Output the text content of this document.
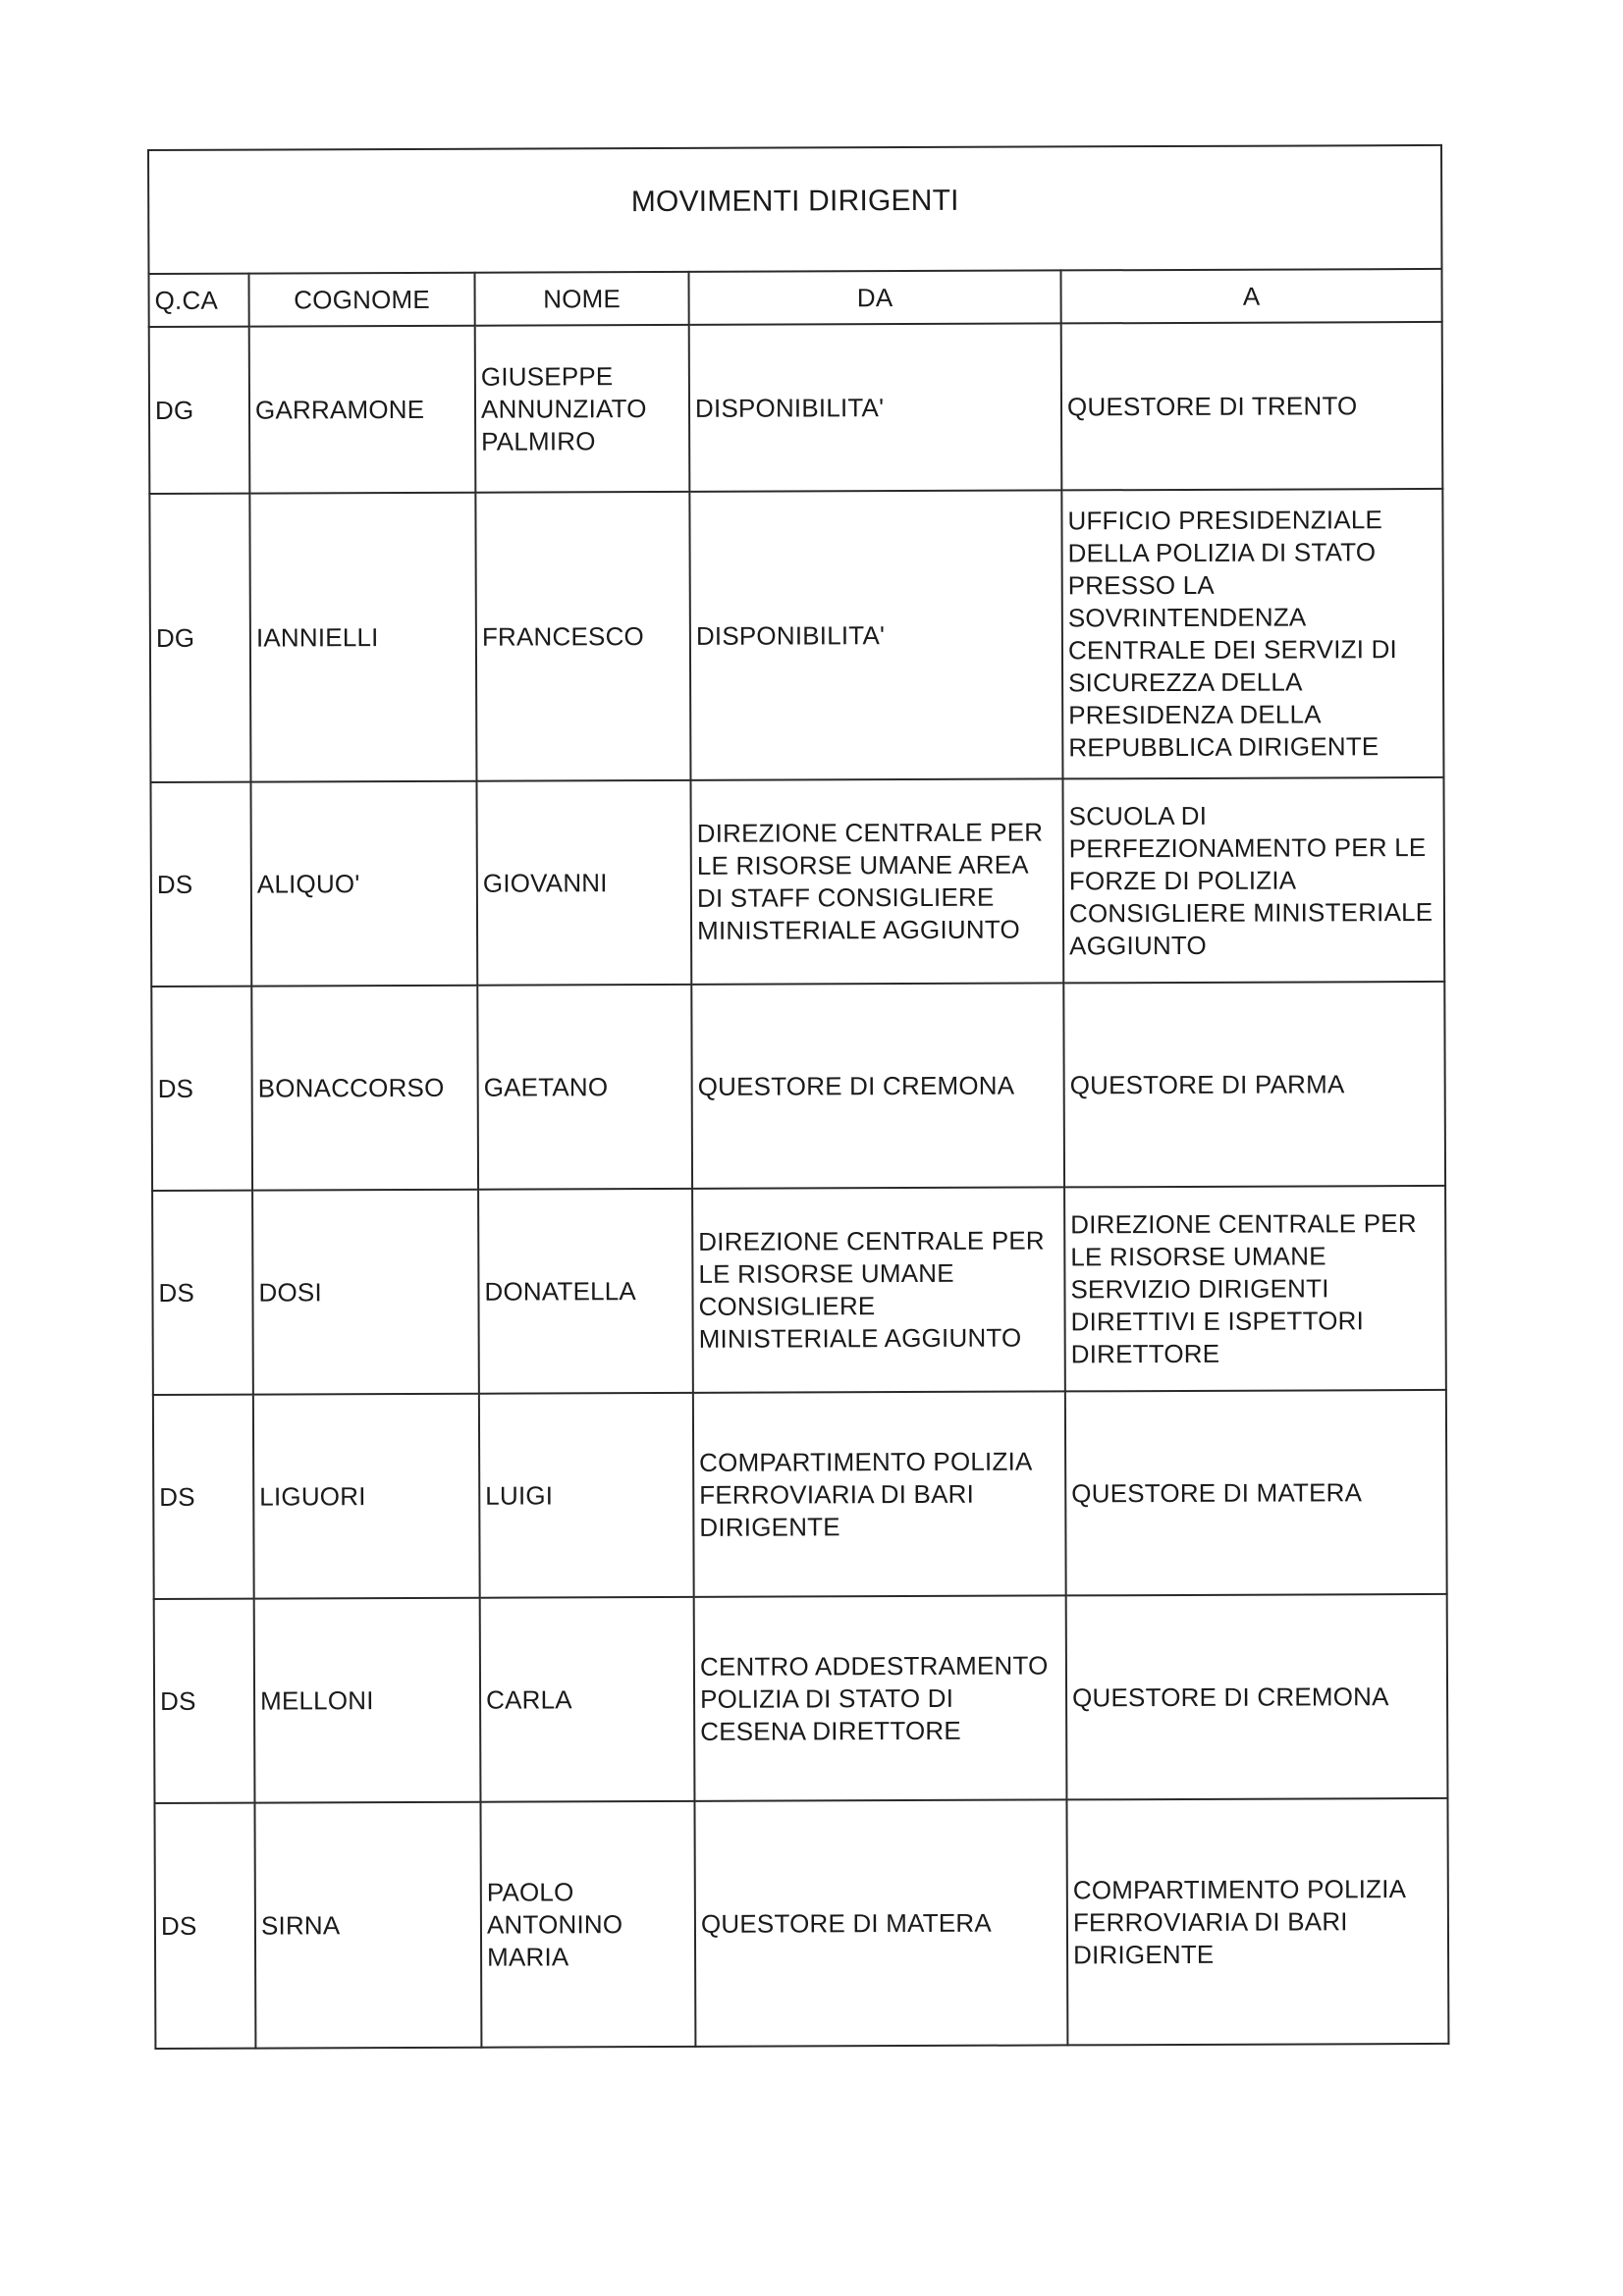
MOVIMENTI DIRIGENTI				
Q.CA	COGNOME	NOME	DA	A
DG	GARRAMONE	GIUSEPPE ANNUNZIATO PALMIRO	DISPONIBILITA'	QUESTORE DI TRENTO
DG	IANNIELLI	FRANCESCO	DISPONIBILITA'	UFFICIO PRESIDENZIALE DELLA POLIZIA DI STATO PRESSO LA SOVRINTENDENZA CENTRALE DEI SERVIZI DI SICUREZZA DELLA PRESIDENZA DELLA REPUBBLICA DIRIGENTE
DS	ALIQUO'	GIOVANNI	DIREZIONE CENTRALE PER LE RISORSE UMANE AREA DI STAFF CONSIGLIERE MINISTERIALE AGGIUNTO	SCUOLA DI PERFEZIONAMENTO PER LE FORZE DI POLIZIA CONSIGLIERE MINISTERIALE AGGIUNTO
DS	BONACCORSO	GAETANO	QUESTORE DI CREMONA	QUESTORE DI PARMA
DS	DOSI	DONATELLA	DIREZIONE CENTRALE PER LE RISORSE UMANE CONSIGLIERE MINISTERIALE AGGIUNTO	DIREZIONE CENTRALE PER LE RISORSE UMANE SERVIZIO DIRIGENTI DIRETTIVI E ISPETTORI DIRETTORE
DS	LIGUORI	LUIGI	COMPARTIMENTO POLIZIA FERROVIARIA DI BARI DIRIGENTE	QUESTORE DI MATERA
DS	MELLONI	CARLA	CENTRO ADDESTRAMENTO POLIZIA DI STATO DI CESENA DIRETTORE	QUESTORE DI CREMONA
DS	SIRNA	PAOLO ANTONINO MARIA	QUESTORE DI MATERA	COMPARTIMENTO POLIZIA FERROVIARIA DI BARI DIRIGENTE
